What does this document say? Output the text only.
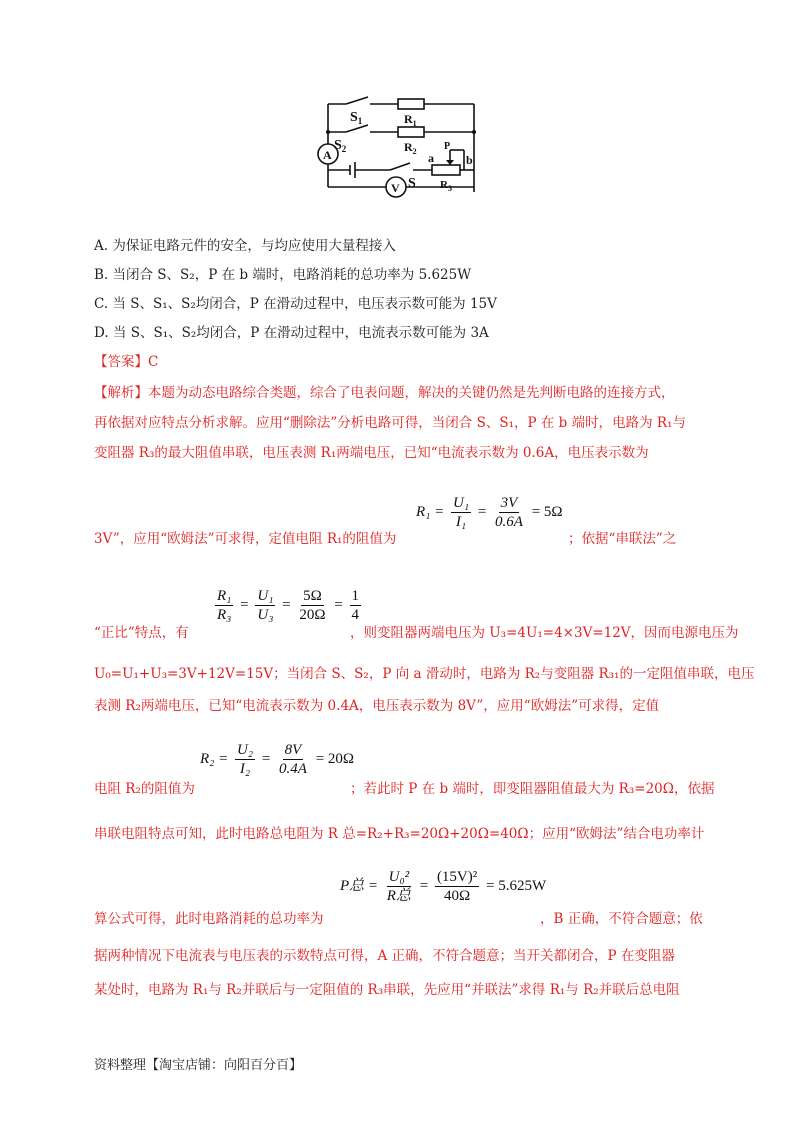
$S_1$	$R_1$
$S_2$	$R_2$
S
a	b
P
$R_3$
A
V
A. 为保证电路元件的安全，与均应使用大量程接入
B. 当闭合 S、S₂，P 在 b 端时，电路消耗的总功率为 5.625W
C. 当 S、S₁、S₂均闭合，P 在滑动过程中，电压表示数可能为 15V
D. 当 S、S₁、S₂均闭合，P 在滑动过程中，电流表示数可能为 3A
【答案】C
【解析】本题为动态电路综合类题，综合了电表问题，解决的关键仍然是先判断电路的连接方式，
再依据对应特点分析求解。应用“删除法”分析电路可得，当闭合 S、S₁，P 在 b 端时，电路为 R₁与
变阻器 R₃的最大阻值串联，电压表测 R₁两端电压，已知“电流表示数为 0.6A，电压表示数为
$R_1 = \frac{\text{U₁}}{\text{I₁}} = \frac{3V}{0.6A} = 5\Omega$
3V”，应用“欧姆法”可求得，定值电阻 R₁的阻值为	；依据“串联法”之
$\frac{\text{R₁}}{\text{R₃}} = \frac{\text{U₁}}{\text{U₃}} = \frac{5\Omega}{20\Omega} = \frac{1}{4}$
“正比”特点，有	，则变阻器两端电压为 U₃=4U₁=4×3V=12V，因而电源电压为
U₀=U₁+U₃=3V+12V=15V；当闭合 S、S₂，P 向 a 滑动时，电路为 R₂与变阻器 R₃₁的一定阻值串联，电压
表测 R₂两端电压，已知“电流表示数为 0.4A，电压表示数为 8V”，应用“欧姆法”可求得，定值
$R_2 = \frac{\text{U₂}}{\text{I₂}} = \frac{8V}{0.4A} = 20\Omega$
电阻 R₂的阻值为	；若此时 P 在 b 端时，即变阻器阻值最大为 R₃=20Ω，依据
串联电阻特点可知，此时电路总电阻为 R 总=R₂+R₃=20Ω+20Ω=40Ω；应用“欧姆法”结合电功率计
P总 = $\frac{\text{U₀²}}{\text{R总}} = \frac{\text{(15V)²}}{40\Omega} = 5.625W$
算公式可得，此时电路消耗的总功率为	，B 正确，不符合题意；依
据两种情况下电流表与电压表的示数特点可得，A 正确，不符合题意；当开关都闭合，P 在变阻器
某处时，电路为 R₁与 R₂并联后与一定阻值的 R₃串联，先应用“并联法”求得 R₁与 R₂并联后总电阻
资料整理【淘宝店铺：向阳百分百】
